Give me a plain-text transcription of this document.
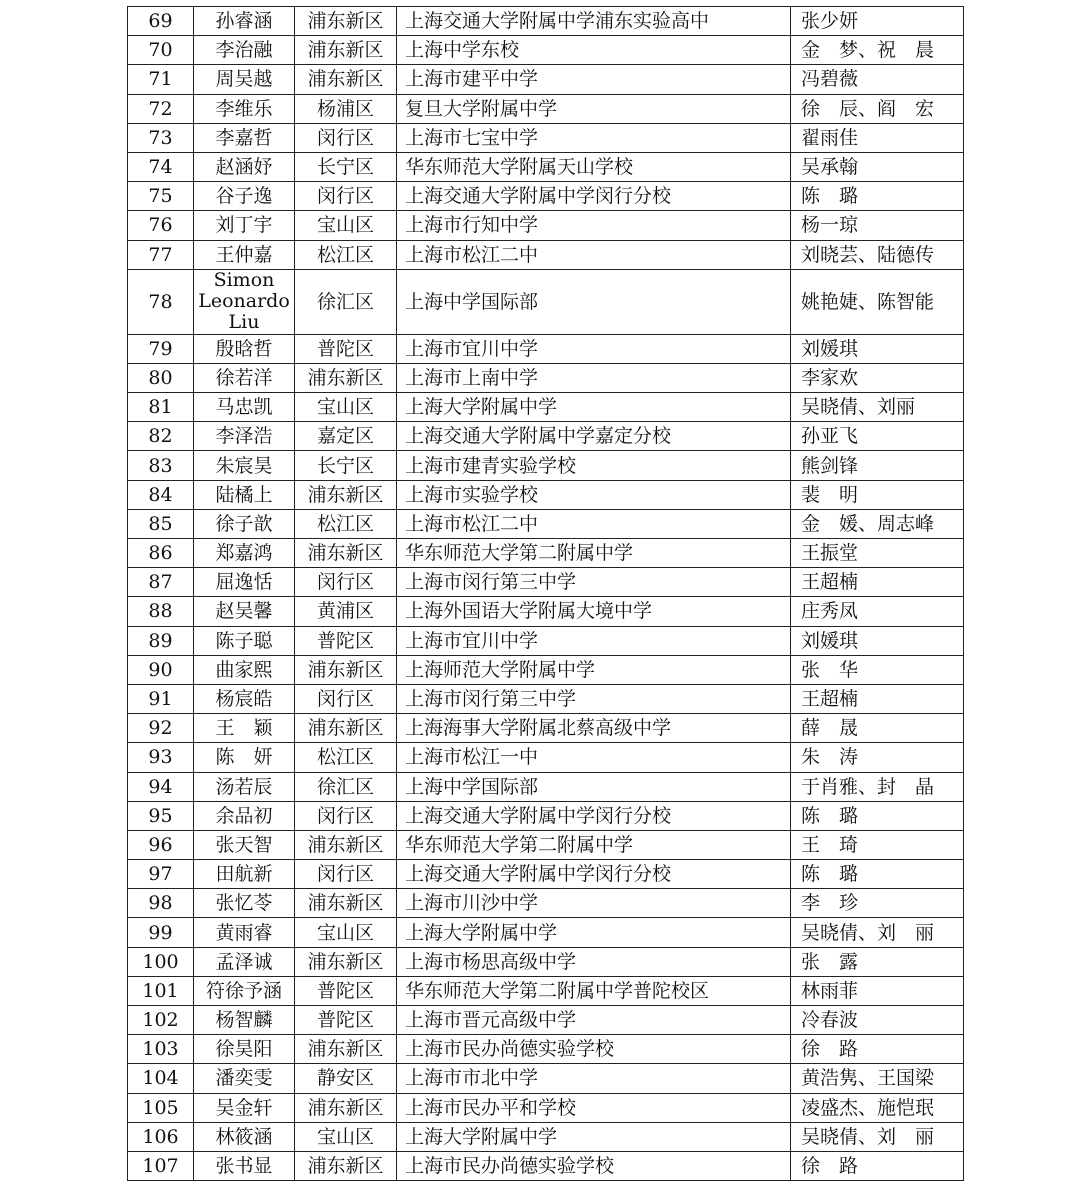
69	孙睿涵	浦东新区	上海交通大学附属中学浦东实验高中	张少妍
70	李治融	浦东新区	上海中学东校	金　梦、祝　晨
71	周吴越	浦东新区	上海市建平中学	冯碧薇
72	李维乐	杨浦区	复旦大学附属中学	徐　辰、阎　宏
73	李嘉哲	闵行区	上海市七宝中学	翟雨佳
74	赵涵妤	长宁区	华东师范大学附属天山学校	吴承翰
75	谷子逸	闵行区	上海交通大学附属中学闵行分校	陈　璐
76	刘丁宇	宝山区	上海市行知中学	杨一琼
77	王仲嘉	松江区	上海市松江二中	刘晓芸、陆德传
78	Simon Leonardo Liu	徐汇区	上海中学国际部	姚艳婕、陈智能
79	殷晗哲	普陀区	上海市宜川中学	刘媛琪
80	徐若洋	浦东新区	上海市上南中学	李家欢
81	马忠凯	宝山区	上海大学附属中学	吴晓倩、刘丽
82	李泽浩	嘉定区	上海交通大学附属中学嘉定分校	孙亚飞
83	朱宸昊	长宁区	上海市建青实验学校	熊剑锋
84	陆橘上	浦东新区	上海市实验学校	裴　明
85	徐子歆	松江区	上海市松江二中	金　媛、周志峰
86	郑嘉鸿	浦东新区	华东师范大学第二附属中学	王振堂
87	屈逸恬	闵行区	上海市闵行第三中学	王超楠
88	赵吴馨	黄浦区	上海外国语大学附属大境中学	庄秀凤
89	陈子聪	普陀区	上海市宜川中学	刘媛琪
90	曲家熙	浦东新区	上海师范大学附属中学	张　华
91	杨宸皓	闵行区	上海市闵行第三中学	王超楠
92	王　颖	浦东新区	上海海事大学附属北蔡高级中学	薛　晟
93	陈　妍	松江区	上海市松江一中	朱　涛
94	汤若辰	徐汇区	上海中学国际部	于肖雅、封　晶
95	余品初	闵行区	上海交通大学附属中学闵行分校	陈　璐
96	张天智	浦东新区	华东师范大学第二附属中学	王　琦
97	田航新	闵行区	上海交通大学附属中学闵行分校	陈　璐
98	张忆苓	浦东新区	上海市川沙中学	李　珍
99	黄雨睿	宝山区	上海大学附属中学	吴晓倩、刘　丽
100	孟泽诚	浦东新区	上海市杨思高级中学	张　露
101	符徐予涵	普陀区	华东师范大学第二附属中学普陀校区	林雨菲
102	杨智麟	普陀区	上海市晋元高级中学	冷春波
103	徐昊阳	浦东新区	上海市民办尚德实验学校	徐　路
104	潘奕雯	静安区	上海市市北中学	黄浩隽、王国梁
105	吴金轩	浦东新区	上海市民办平和学校	凌盛杰、施恺珉
106	林筱涵	宝山区	上海大学附属中学	吴晓倩、刘　丽
107	张书显	浦东新区	上海市民办尚德实验学校	徐　路
